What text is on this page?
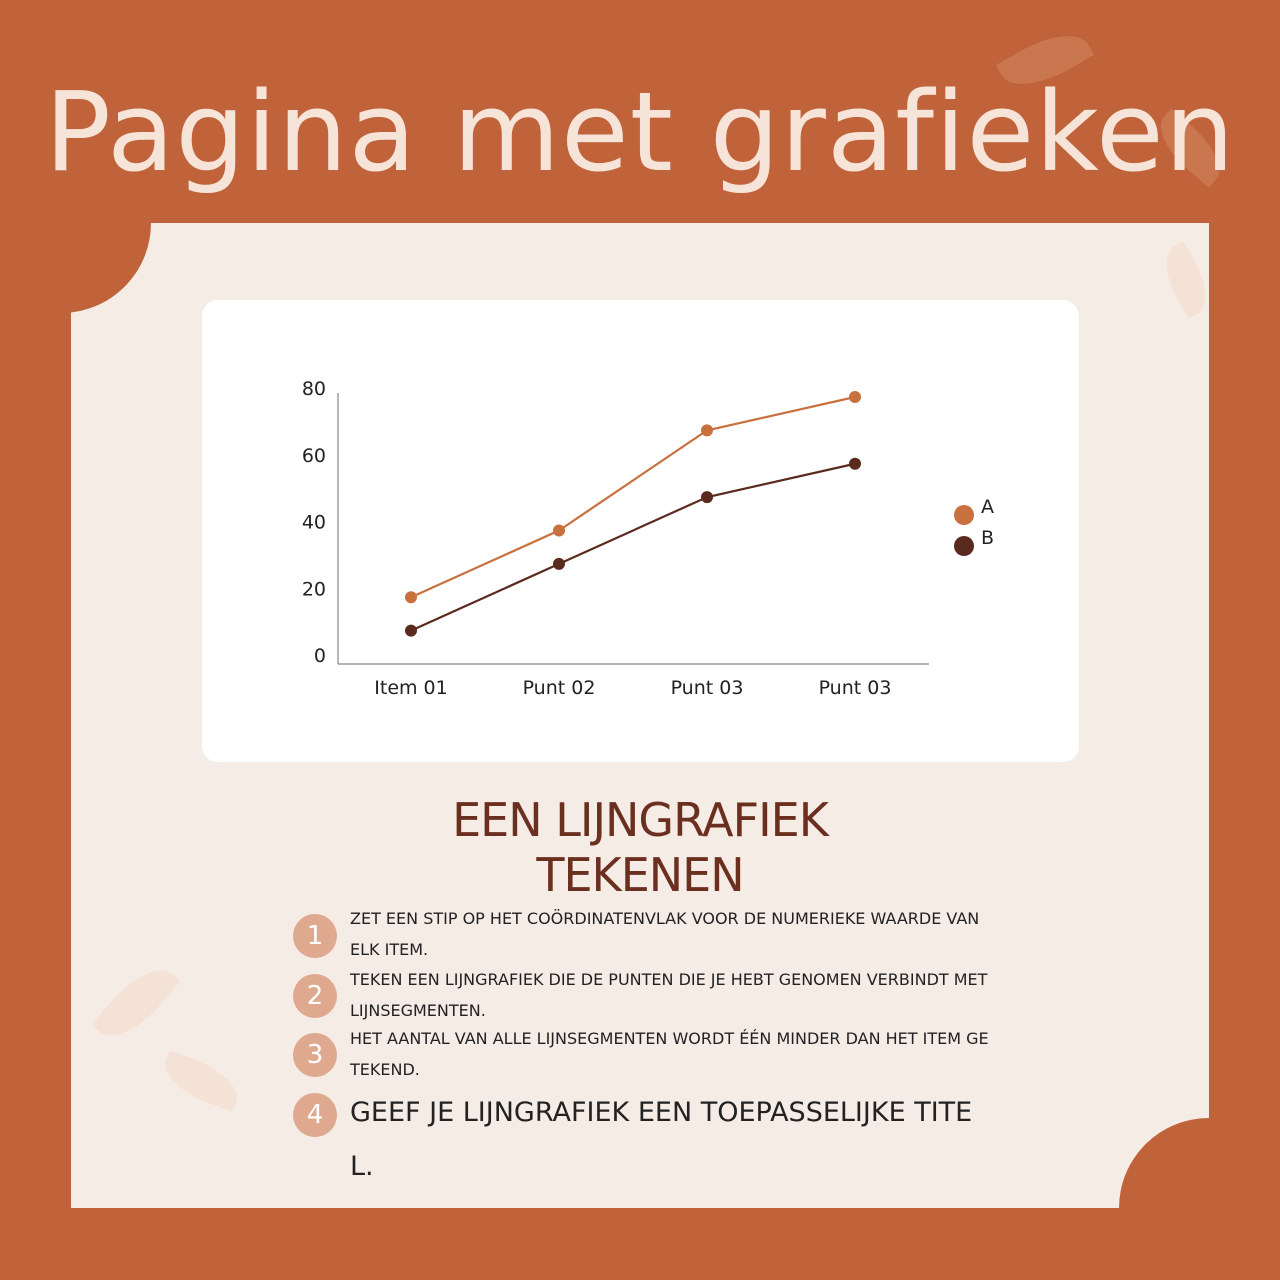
Pagina met grafieken
0
20
40
60
80
Item 01	Punt 02	Punt 03	Punt 03
A
B
EEN LIJNGRAFIEK TEKENEN
1

ZET EEN STIP OP HET COÖRDINATENVLAK VOOR DE NUMERIEKE WAARDE VAN ELK ITEM.

2

TEKEN EEN LIJNGRAFIEK DIE DE PUNTEN DIE JE HEBT GENOMEN VERBINDT MET LIJNSEGMENTEN.

3

HET AANTAL VAN ALLE LIJNSEGMENTEN WORDT ÉÉN MINDER DAN HET ITEM GETEKEND.

4 GEEF JE LIJNGRAFIEK EEN TOEPASSELIJKE TITEL.
